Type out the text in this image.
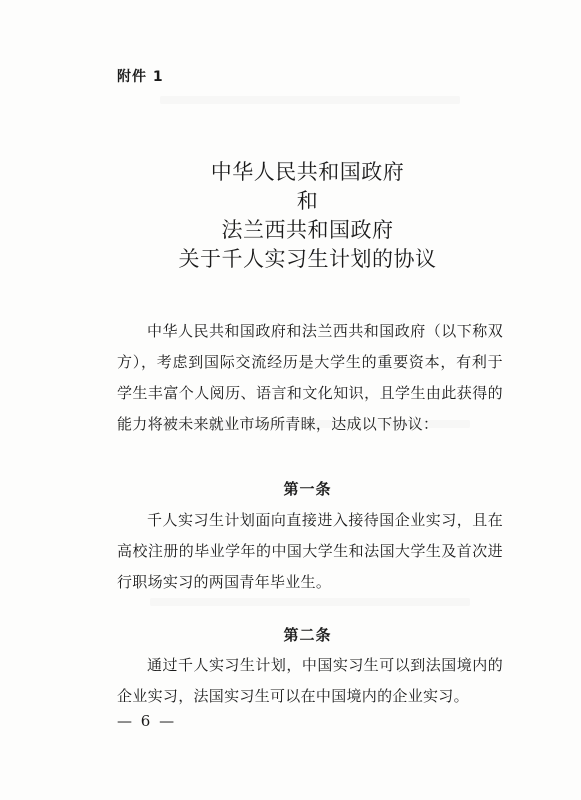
附件 1
中华人民共和国政府
和
法兰西共和国政府
关于千人实习生计划的协议

中华人民共和国政府和法兰西共和国政府（以下称双方），考虑到国际交流经历是大学生的重要资本，有利于学生丰富个人阅历、语言和文化知识，且学生由此获得的能力将被未来就业市场所青睐，达成以下协议：

第一条

千人实习生计划面向直接进入接待国企业实习，且在高校注册的毕业学年的中国大学生和法国大学生及首次进行职场实习的两国青年毕业生。

第二条

通过千人实习生计划，中国实习生可以到法国境内的企业实习，法国实习生可以在中国境内的企业实习。

— 6 —
